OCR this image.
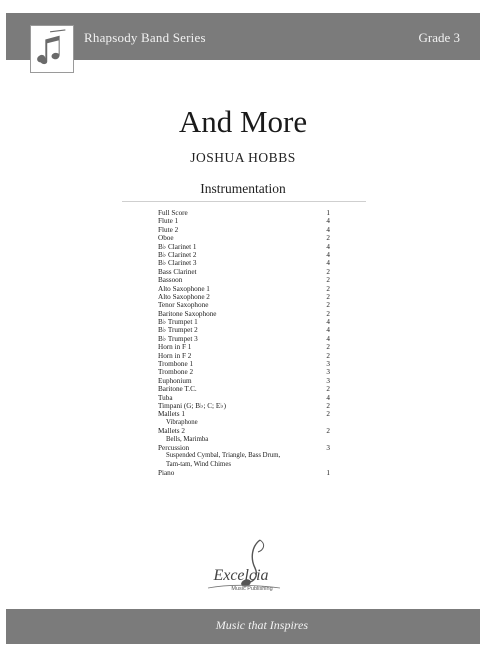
Rhapsody Band Series	Grade 3
And More
JOSHUA HOBBS
Instrumentation
Full Score	1
Flute 1	4
Flute 2	4
Oboe	2
B♭ Clarinet 1	4
B♭ Clarinet 2	4
B♭ Clarinet 3	4
Bass Clarinet	2
Bassoon	2
Alto Saxophone 1	2
Alto Saxophone 2	2
Tenor Saxophone	2
Baritone Saxophone	2
B♭ Trumpet 1	4
B♭ Trumpet 2	4
B♭ Trumpet 3	4
Horn in F 1	2
Horn in F 2	2
Trombone 1	3
Trombone 2	3
Euphonium	3
Baritone T.C.	2
Tuba	4
Timpani (G; B♭; C; E♭)	2
Mallets 1	2
Vibraphone
Mallets 2	2
Bells, Marimba
Percussion	3
Suspended Cymbal, Triangle, Bass Drum,
Tam-tam, Wind Chimes
Piano	1
Excelcia
Music Publishing
Music that Inspires
